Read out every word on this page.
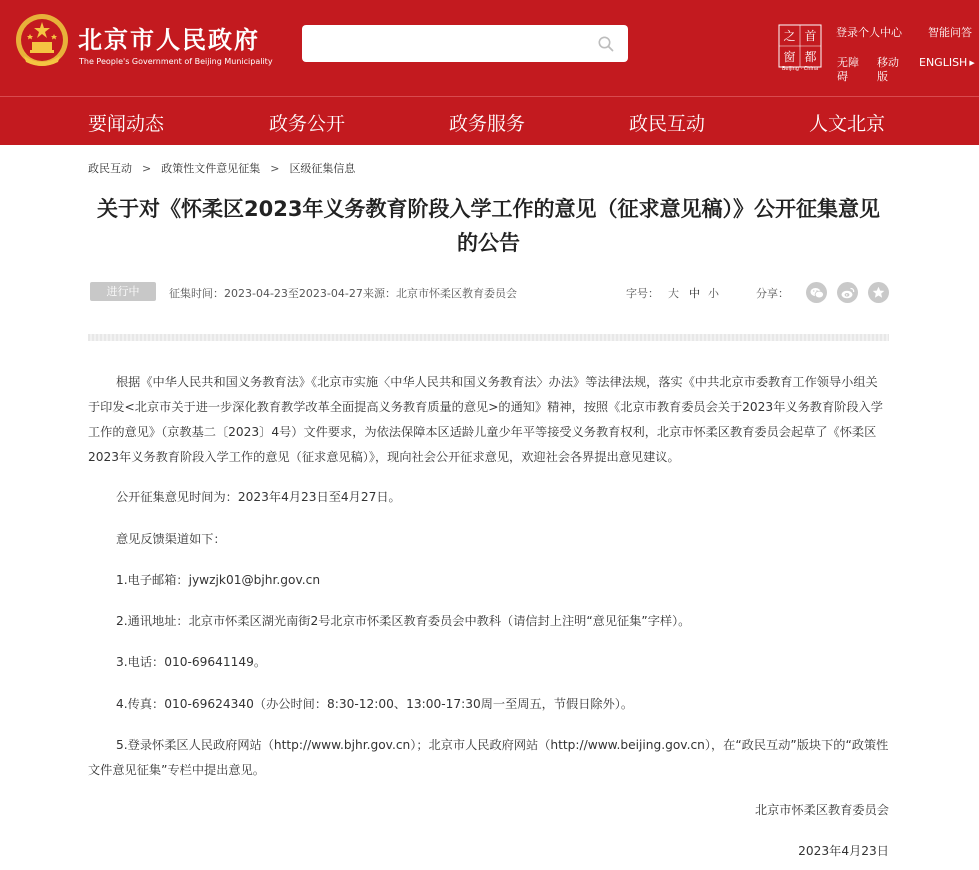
北京市人民政府
The People's Government of Beijing Municipality
之 首
窗 都
Beijing · China
登录个人中心 智能问答
无障碍
移动版
ENGLISH ▶
要闻动态	政务公开	政务服务	政民互动	人文北京
政民互动 > 政策性文件意见征集 > 区级征集信息
关于对《怀柔区2023年义务教育阶段入学工作的意见（征求意见稿）》公开征集意见的公告
进行中	征集时间：2023-04-23至2023-04-27 来源：北京市怀柔区教育委员会	字号： 大 中 小	分享：

根据《中华人民共和国义务教育法》《北京市实施〈中华人民共和国义务教育法〉办法》等法律法规，落实《中共北京市委教育工作领导小组关于印发<北京市关于进一步深化教育教学改革全面提高义务教育质量的意见>的通知》精神，按照《北京市教育委员会关于2023年义务教育阶段入学工作的意见》（京教基二〔2023〕4号）文件要求，为依法保障本区适龄儿童少年平等接受义务教育权利，北京市怀柔区教育委员会起草了《怀柔区2023年义务教育阶段入学工作的意见（征求意见稿）》，现向社会公开征求意见，欢迎社会各界提出意见建议。

公开征集意见时间为：2023年4月23日至4月27日。

意见反馈渠道如下：

1.电子邮箱：jywzjk01@bjhr.gov.cn

2.通讯地址：北京市怀柔区湖光南街2号北京市怀柔区教育委员会中教科（请信封上注明“意见征集”字样）。

3.电话：010-69641149。

4.传真：010-69624340（办公时间：8:30-12:00、13:00-17:30周一至周五，节假日除外）。

5.登录怀柔区人民政府网站（http://www.bjhr.gov.cn）；北京市人民政府网站（http://www.beijing.gov.cn），在“政民互动”版块下的“政策性文件意见征集”专栏中提出意见。

北京市怀柔区教育委员会
2023年4月23日
